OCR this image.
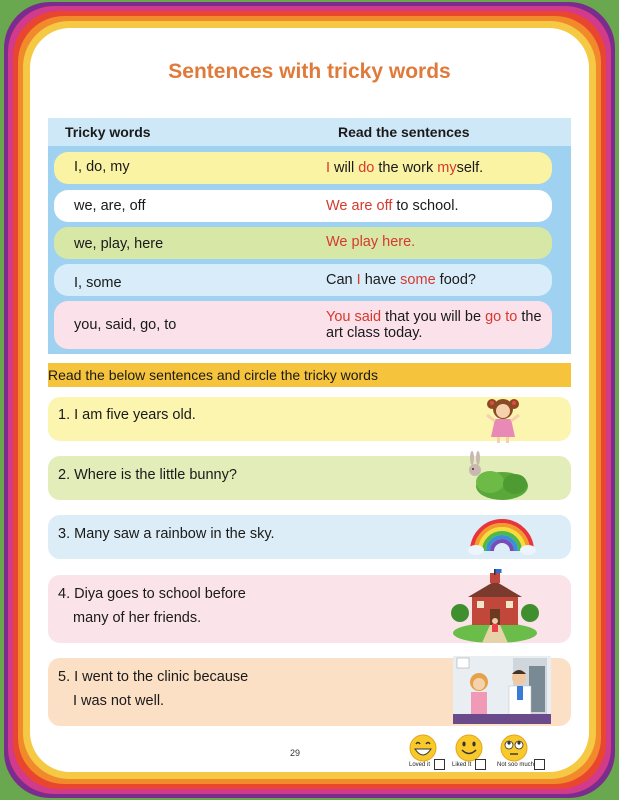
Sentences with tricky words
Tricky words	Read the sentences
I, do, my	I will do the work myself.
we, are, off	We are off to school.
we, play, here	We play here.
I, some	Can I have some food?
you, said, go, to	You said that you will be go to the art class today.
Read the below sentences and circle the tricky words
1. I am five years old.
2. Where is the little bunny?
3. Many saw a rainbow in the sky.
4. Diya goes to school before
many of her friends.
5. I went to the clinic because
I was not well.
29
Loved it	Liked It	Not soo much
